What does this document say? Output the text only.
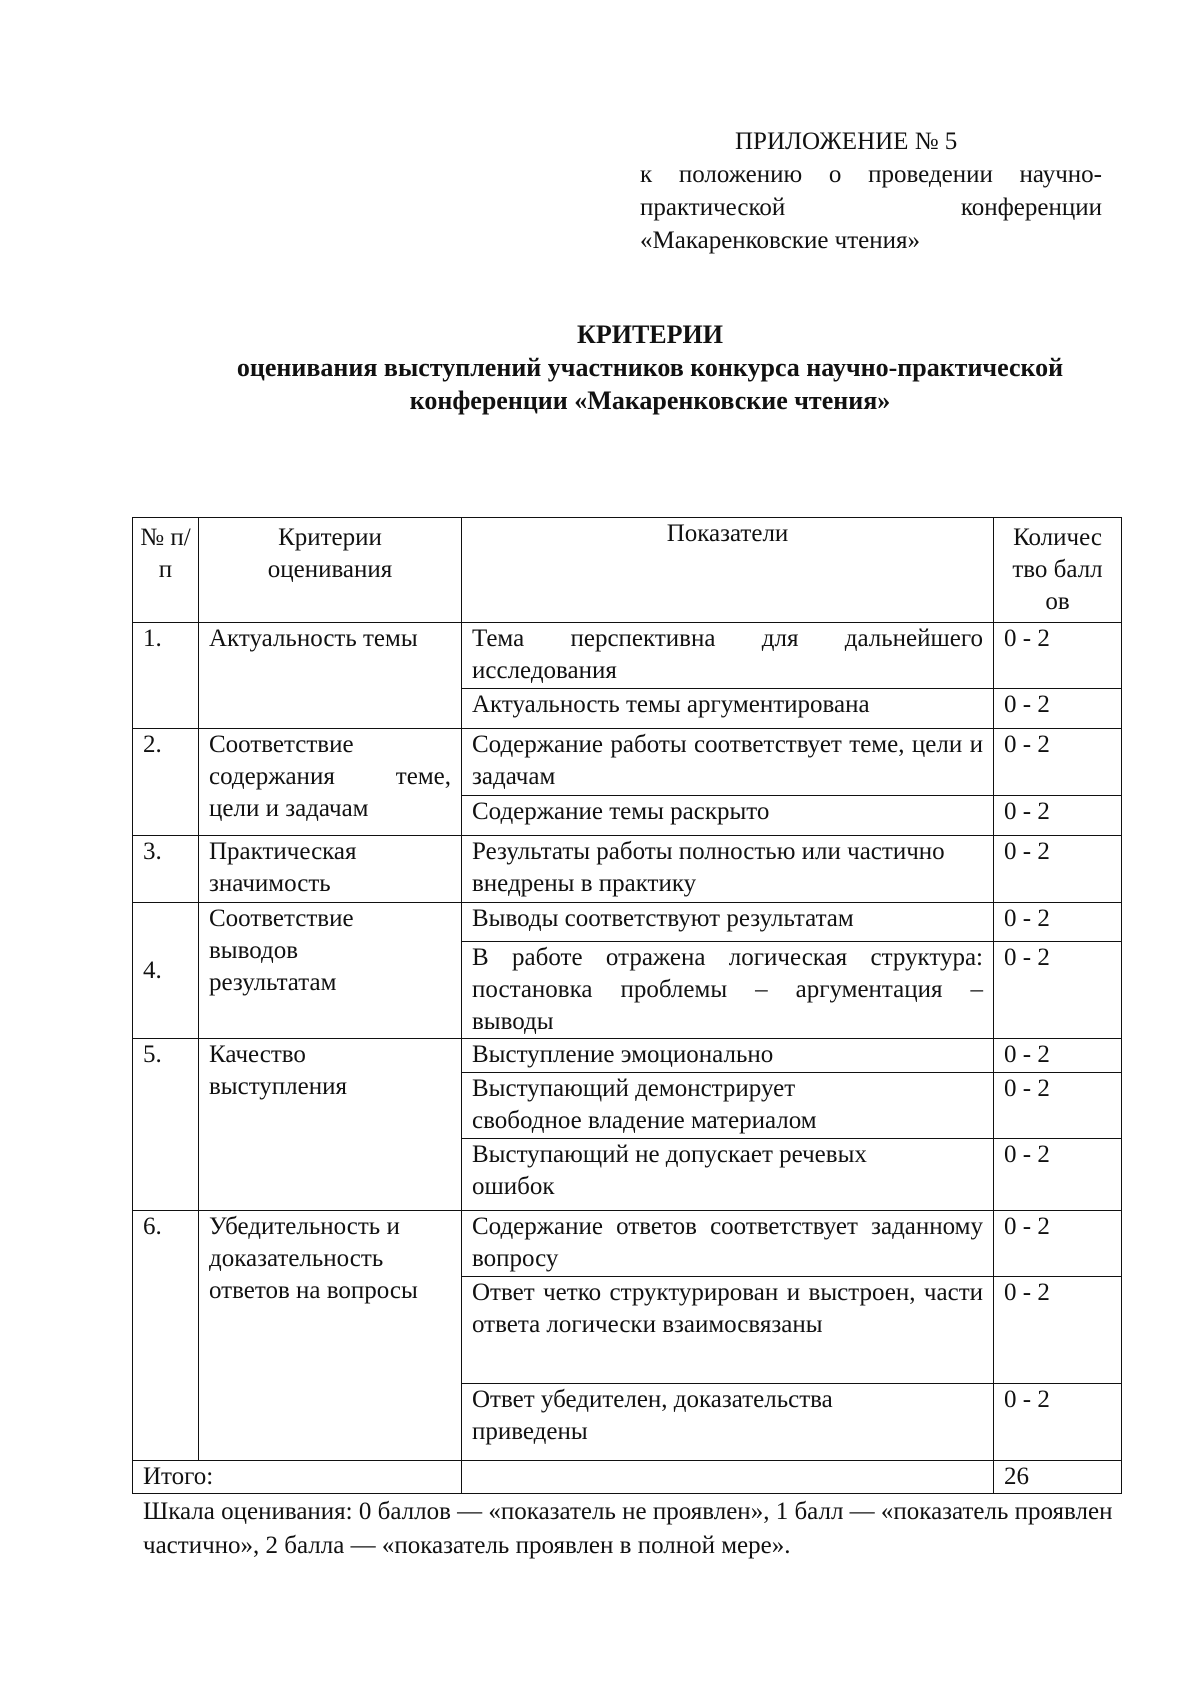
ПРИЛОЖЕНИЕ № 5
к положению о проведении научно-
практической	конференции
«Макаренковские чтения»
КРИТЕРИИ
оценивания выступлений участников конкурса научно-практической
конференции «Макаренковские чтения»
№ п/п	Критерии оценивания	Показатели	Количес тво баллов
1.	Актуальность темы	Тема перспективна для дальнейшего исследования	0 - 2
		Актуальность темы аргументирована	0 - 2
2.	Соответствие содержания теме, цели и задачам	Содержание работы соответствует теме, цели и задачам	0 - 2
		Содержание темы раскрыто	0 - 2
3.	Практическая значимость	Результаты работы полностью или частично внедрены в практику	0 - 2
4.	Соответствие выводов результатам	Выводы соответствуют результатам	0 - 2
		В работе отражена логическая структура: постановка проблемы – аргументация – выводы	0 - 2
5.	Качество выступления	Выступление эмоционально	0 - 2
		Выступающий демонстрирует свободное владение материалом	0 - 2
		Выступающий не допускает речевых ошибок	0 - 2
6.	Убедительность и доказательность ответов на вопросы	Содержание ответов соответствует заданному вопросу	0 - 2
		Ответ четко структурирован и выстроен, части ответа логически взаимосвязаны	0 - 2
		Ответ убедителен, доказательства приведены	0 - 2
Итого:			26
Шкала оценивания: 0 баллов — «показатель не проявлен», 1 балл — «показатель проявлен частично», 2 балла — «показатель проявлен в полной мере».
